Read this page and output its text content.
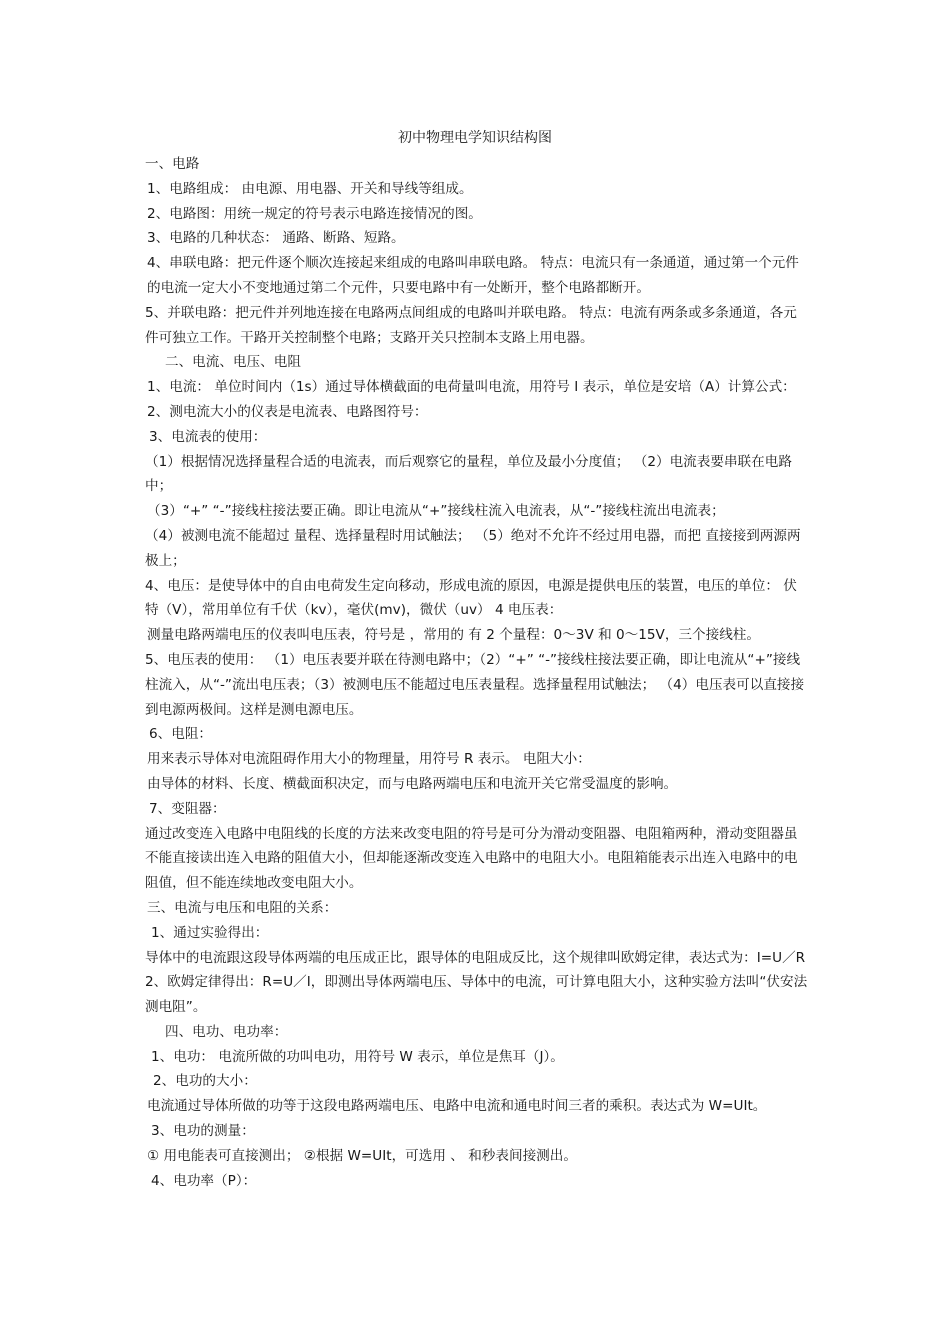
初中物理电学知识结构图
一、电路
1、电路组成： 由电源、用电器、开关和导线等组成。
2、电路图：用统一规定的符号表示电路连接情况的图。
3、电路的几种状态： 通路、断路、短路。
4、串联电路：把元件逐个顺次连接起来组成的电路叫串联电路。 特点：电流只有一条通道，通过第一个元件的电流一定大小不变地通过第二个元件，只要电路中有一处断开，整个电路都断开。
5、并联电路：把元件并列地连接在电路两点间组成的电路叫并联电路。 特点：电流有两条或多条通道，各元件可独立工作。干路开关控制整个电路；支路开关只控制本支路上用电器。
二、电流、电压、电阻
1、电流： 单位时间内（1s）通过导体横截面的电荷量叫电流，用符号 I 表示，单位是安培（A）计算公式：
2、测电流大小的仪表是电流表、电路图符号：
3、电流表的使用：
（1）根据情况选择量程合适的电流表，而后观察它的量程，单位及最小分度值； （2）电流表要串联在电路中；
（3）“+” “-”接线柱接法要正确。即让电流从“+”接线柱流入电流表，从“-”接线柱流出电流表；
（4）被测电流不能超过 量程、选择量程时用试触法； （5）绝对不允许不经过用电器，而把 直接接到两源两极上；
4、电压：是使导体中的自由电荷发生定向移动，形成电流的原因，电源是提供电压的装置，电压的单位： 伏特（V），常用单位有千伏（kv），毫伏(mv)，微伏（uv） 4 电压表：
测量电路两端电压的仪表叫电压表，符号是 ，常用的 有 2 个量程：0～3V 和 0～15V，三个接线柱。
5、电压表的使用： （1）电压表要并联在待测电路中；（2）“+” “-”接线柱接法要正确，即让电流从“+”接线柱流入，从“-”流出电压表；（3）被测电压不能超过电压表量程。选择量程用试触法； （4）电压表可以直接接到电源两极间。这样是测电源电压。
6、电阻：
用来表示导体对电流阻碍作用大小的物理量，用符号 R 表示。 电阻大小：
由导体的材料、长度、横截面积决定，而与电路两端电压和电流开关它常受温度的影响。
7、变阻器：
通过改变连入电路中电阻线的长度的方法来改变电阻的符号是可分为滑动变阻器、电阻箱两种，滑动变阻器虽不能直接读出连入电路的阻值大小，但却能逐渐改变连入电路中的电阻大小。电阻箱能表示出连入电路中的电阻值，但不能连续地改变电阻大小。
三、电流与电压和电阻的关系：
1、通过实验得出：
导体中的电流跟这段导体两端的电压成正比，跟导体的电阻成反比，这个规律叫欧姆定律，表达式为：I=U／R
2、欧姆定律得出：R=U／I，即测出导体两端电压、导体中的电流，可计算电阻大小，这种实验方法叫“伏安法测电阻”。
四、电功、电功率：
1、电功： 电流所做的功叫电功，用符号 W 表示，单位是焦耳（J）。
2、电功的大小：
电流通过导体所做的功等于这段电路两端电压、电路中电流和通电时间三者的乘积。表达式为 W=UIt。
3、电功的测量：
① 用电能表可直接测出； ②根据 W=UIt，可选用 、 和秒表间接测出。
4、电功率（P）：
